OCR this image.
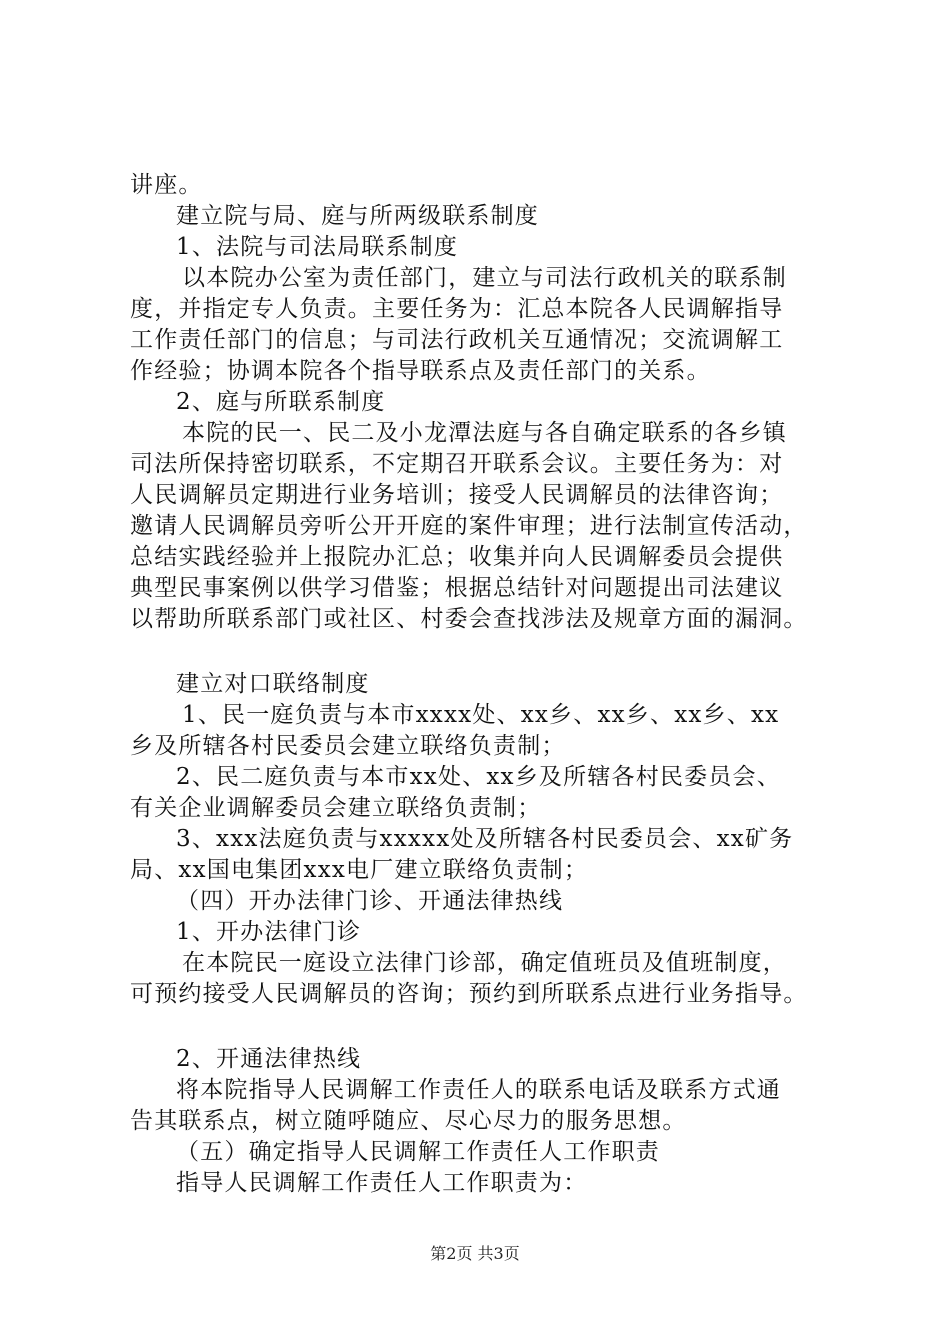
讲座。
建立院与局、庭与所两级联系制度
1、法院与司法局联系制度
以本院办公室为责任部门，建立与司法行政机关的联系制
度，并指定专人负责。主要任务为：汇总本院各人民调解指导
工作责任部门的信息；与司法行政机关互通情况；交流调解工
作经验；协调本院各个指导联系点及责任部门的关系。
2、庭与所联系制度
本院的民一、民二及小龙潭法庭与各自确定联系的各乡镇
司法所保持密切联系，不定期召开联系会议。主要任务为：对
人民调解员定期进行业务培训；接受人民调解员的法律咨询；
邀请人民调解员旁听公开开庭的案件审理；进行法制宣传活动，
总结实践经验并上报院办汇总；收集并向人民调解委员会提供
典型民事案例以供学习借鉴；根据总结针对问题提出司法建议
以帮助所联系部门或社区、村委会查找涉法及规章方面的漏洞。
建立对口联络制度
1、民一庭负责与本市xxxx处、xx乡、xx乡、xx乡、xx
乡及所辖各村民委员会建立联络负责制；
2、民二庭负责与本市xx处、xx乡及所辖各村民委员会、
有关企业调解委员会建立联络负责制；
3、xxx法庭负责与xxxxx处及所辖各村民委员会、xx矿务
局、xx国电集团xxx电厂建立联络负责制；
（四）开办法律门诊、开通法律热线
1、开办法律门诊
在本院民一庭设立法律门诊部，确定值班员及值班制度，
可预约接受人民调解员的咨询；预约到所联系点进行业务指导。
2、开通法律热线
将本院指导人民调解工作责任人的联系电话及联系方式通
告其联系点，树立随呼随应、尽心尽力的服务思想。
（五）确定指导人民调解工作责任人工作职责
指导人民调解工作责任人工作职责为：
第2页 共3页
